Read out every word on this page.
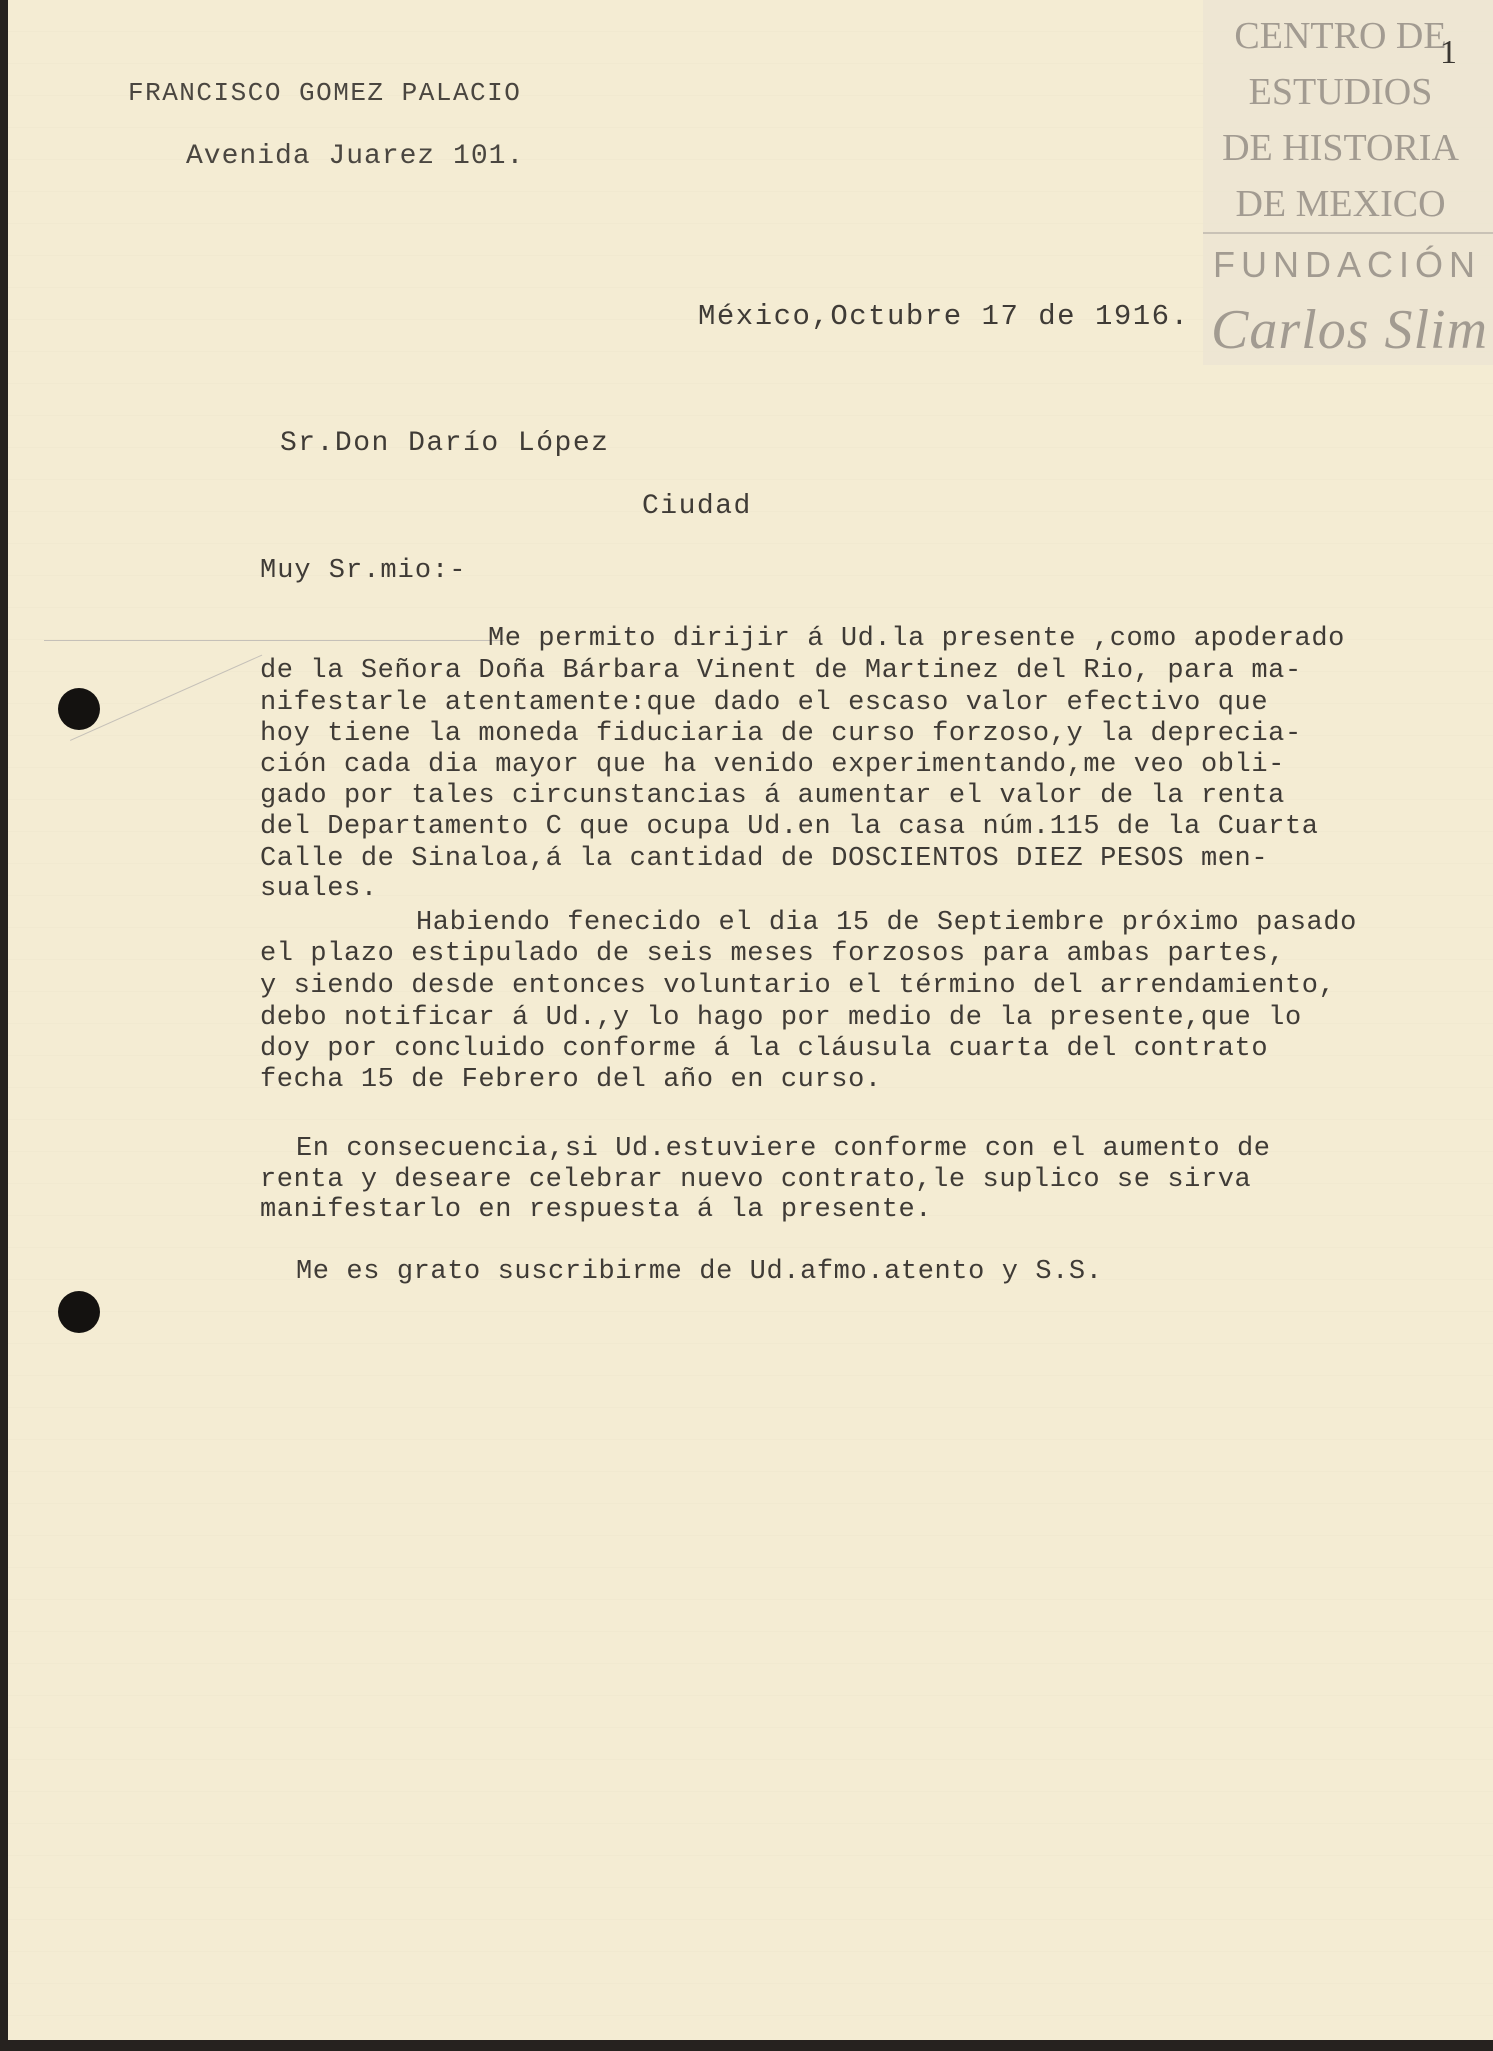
FRANCISCO GOMEZ PALACIO
Avenida Juarez 101.
CENTRO DE
ESTUDIOS
DE HISTORIA
DE MEXICO
FUNDACIÓN
Carlos Slim
1
México,Octubre 17 de 1916.
Sr.Don Darío López
Ciudad
Muy Sr.mio:-
Me permito dirijir á Ud.la presente ,como apoderado
de la Señora Doña Bárbara Vinent de Martinez del Rio, para ma-
nifestarle atentamente:que dado el escaso valor efectivo que
hoy tiene la moneda fiduciaria de curso forzoso,y la deprecia-
ción cada dia mayor que ha venido experimentando,me veo obli-
gado por tales circunstancias á aumentar el valor de la renta
del Departamento C que ocupa Ud.en la casa núm.115 de la Cuarta
Calle de Sinaloa,á la cantidad de DOSCIENTOS DIEZ PESOS men-
suales.
Habiendo fenecido el dia 15 de Septiembre próximo pasado
el plazo estipulado de seis meses forzosos para ambas partes,
y siendo desde entonces voluntario el término del arrendamiento,
debo notificar á Ud.,y lo hago por medio de la presente,que lo
doy por concluido conforme á la cláusula cuarta del contrato
fecha 15 de Febrero del año en curso.
En consecuencia,si Ud.estuviere conforme con el aumento de
renta y deseare celebrar nuevo contrato,le suplico se sirva
manifestarlo en respuesta á la presente.
Me es grato suscribirme de Ud.afmo.atento y S.S.
